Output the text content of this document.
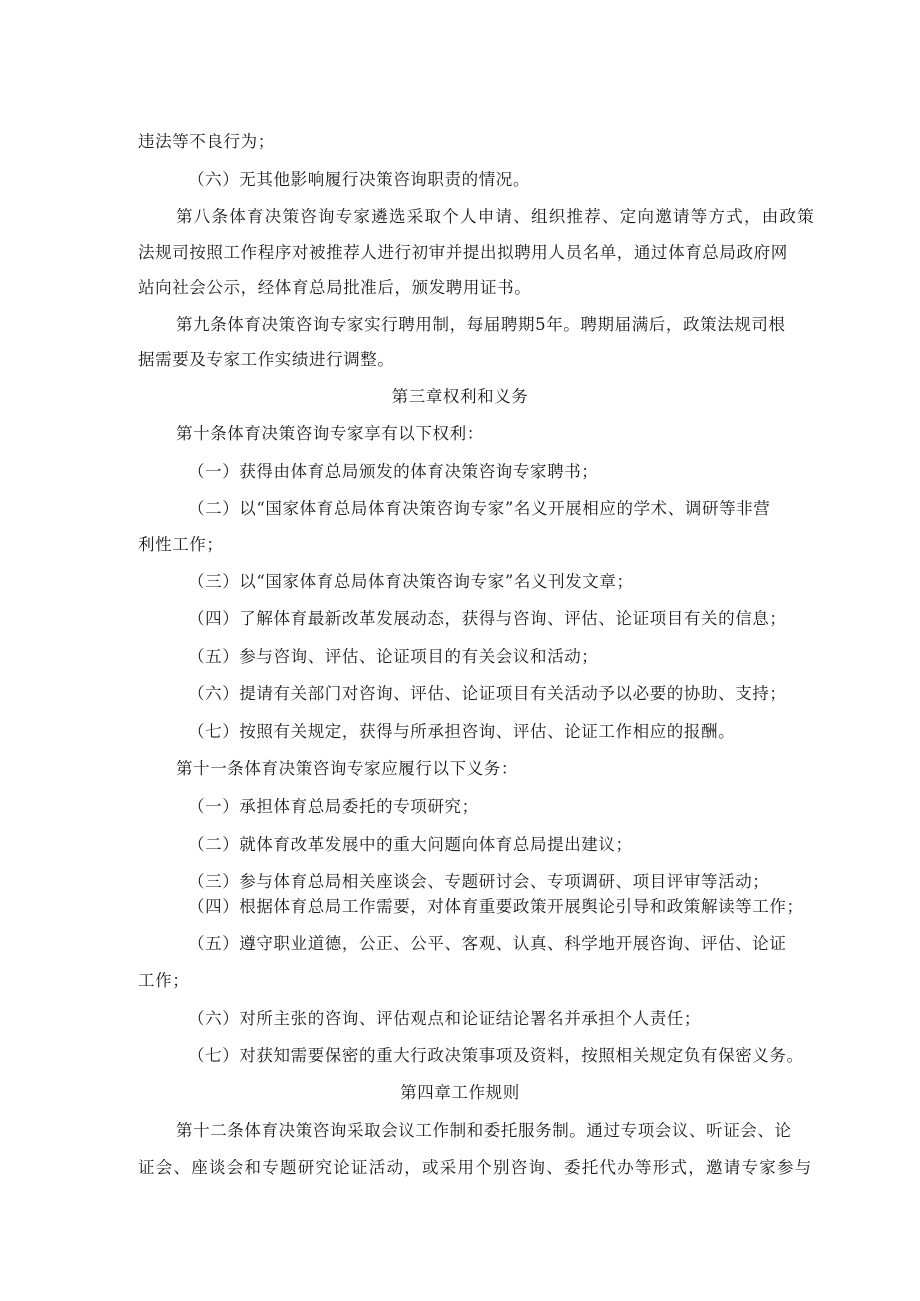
违法等不良行为；
（六）无其他影响履行决策咨询职责的情况。
第八条体育决策咨询专家遴选采取个人申请、组织推荐、定向邀请等方式，由政策
法规司按照工作程序对被推荐人进行初审并提出拟聘用人员名单，通过体育总局政府网
站向社会公示，经体育总局批准后，颁发聘用证书。
第九条体育决策咨询专家实行聘用制，每届聘期5年。聘期届满后，政策法规司根
据需要及专家工作实绩进行调整。
第三章权利和义务
第十条体育决策咨询专家享有以下权利：
（一）获得由体育总局颁发的体育决策咨询专家聘书；
（二）以“国家体育总局体育决策咨询专家”名义开展相应的学术、调研等非营
利性工作；
（三）以“国家体育总局体育决策咨询专家”名义刊发文章；
（四）了解体育最新改革发展动态，获得与咨询、评估、论证项目有关的信息；
（五）参与咨询、评估、论证项目的有关会议和活动；
（六）提请有关部门对咨询、评估、论证项目有关活动予以必要的协助、支持；
（七）按照有关规定，获得与所承担咨询、评估、论证工作相应的报酬。
第十一条体育决策咨询专家应履行以下义务：
（一）承担体育总局委托的专项研究；
（二）就体育改革发展中的重大问题向体育总局提出建议；
（三）参与体育总局相关座谈会、专题研讨会、专项调研、项目评审等活动；
（四）根据体育总局工作需要，对体育重要政策开展舆论引导和政策解读等工作；
（五）遵守职业道德，公正、公平、客观、认真、科学地开展咨询、评估、论证
工作；
（六）对所主张的咨询、评估观点和论证结论署名并承担个人责任；
（七）对获知需要保密的重大行政决策事项及资料，按照相关规定负有保密义务。
第四章工作规则
第十二条体育决策咨询采取会议工作制和委托服务制。通过专项会议、听证会、论
证会、座谈会和专题研究论证活动，或采用个别咨询、委托代办等形式，邀请专家参与
